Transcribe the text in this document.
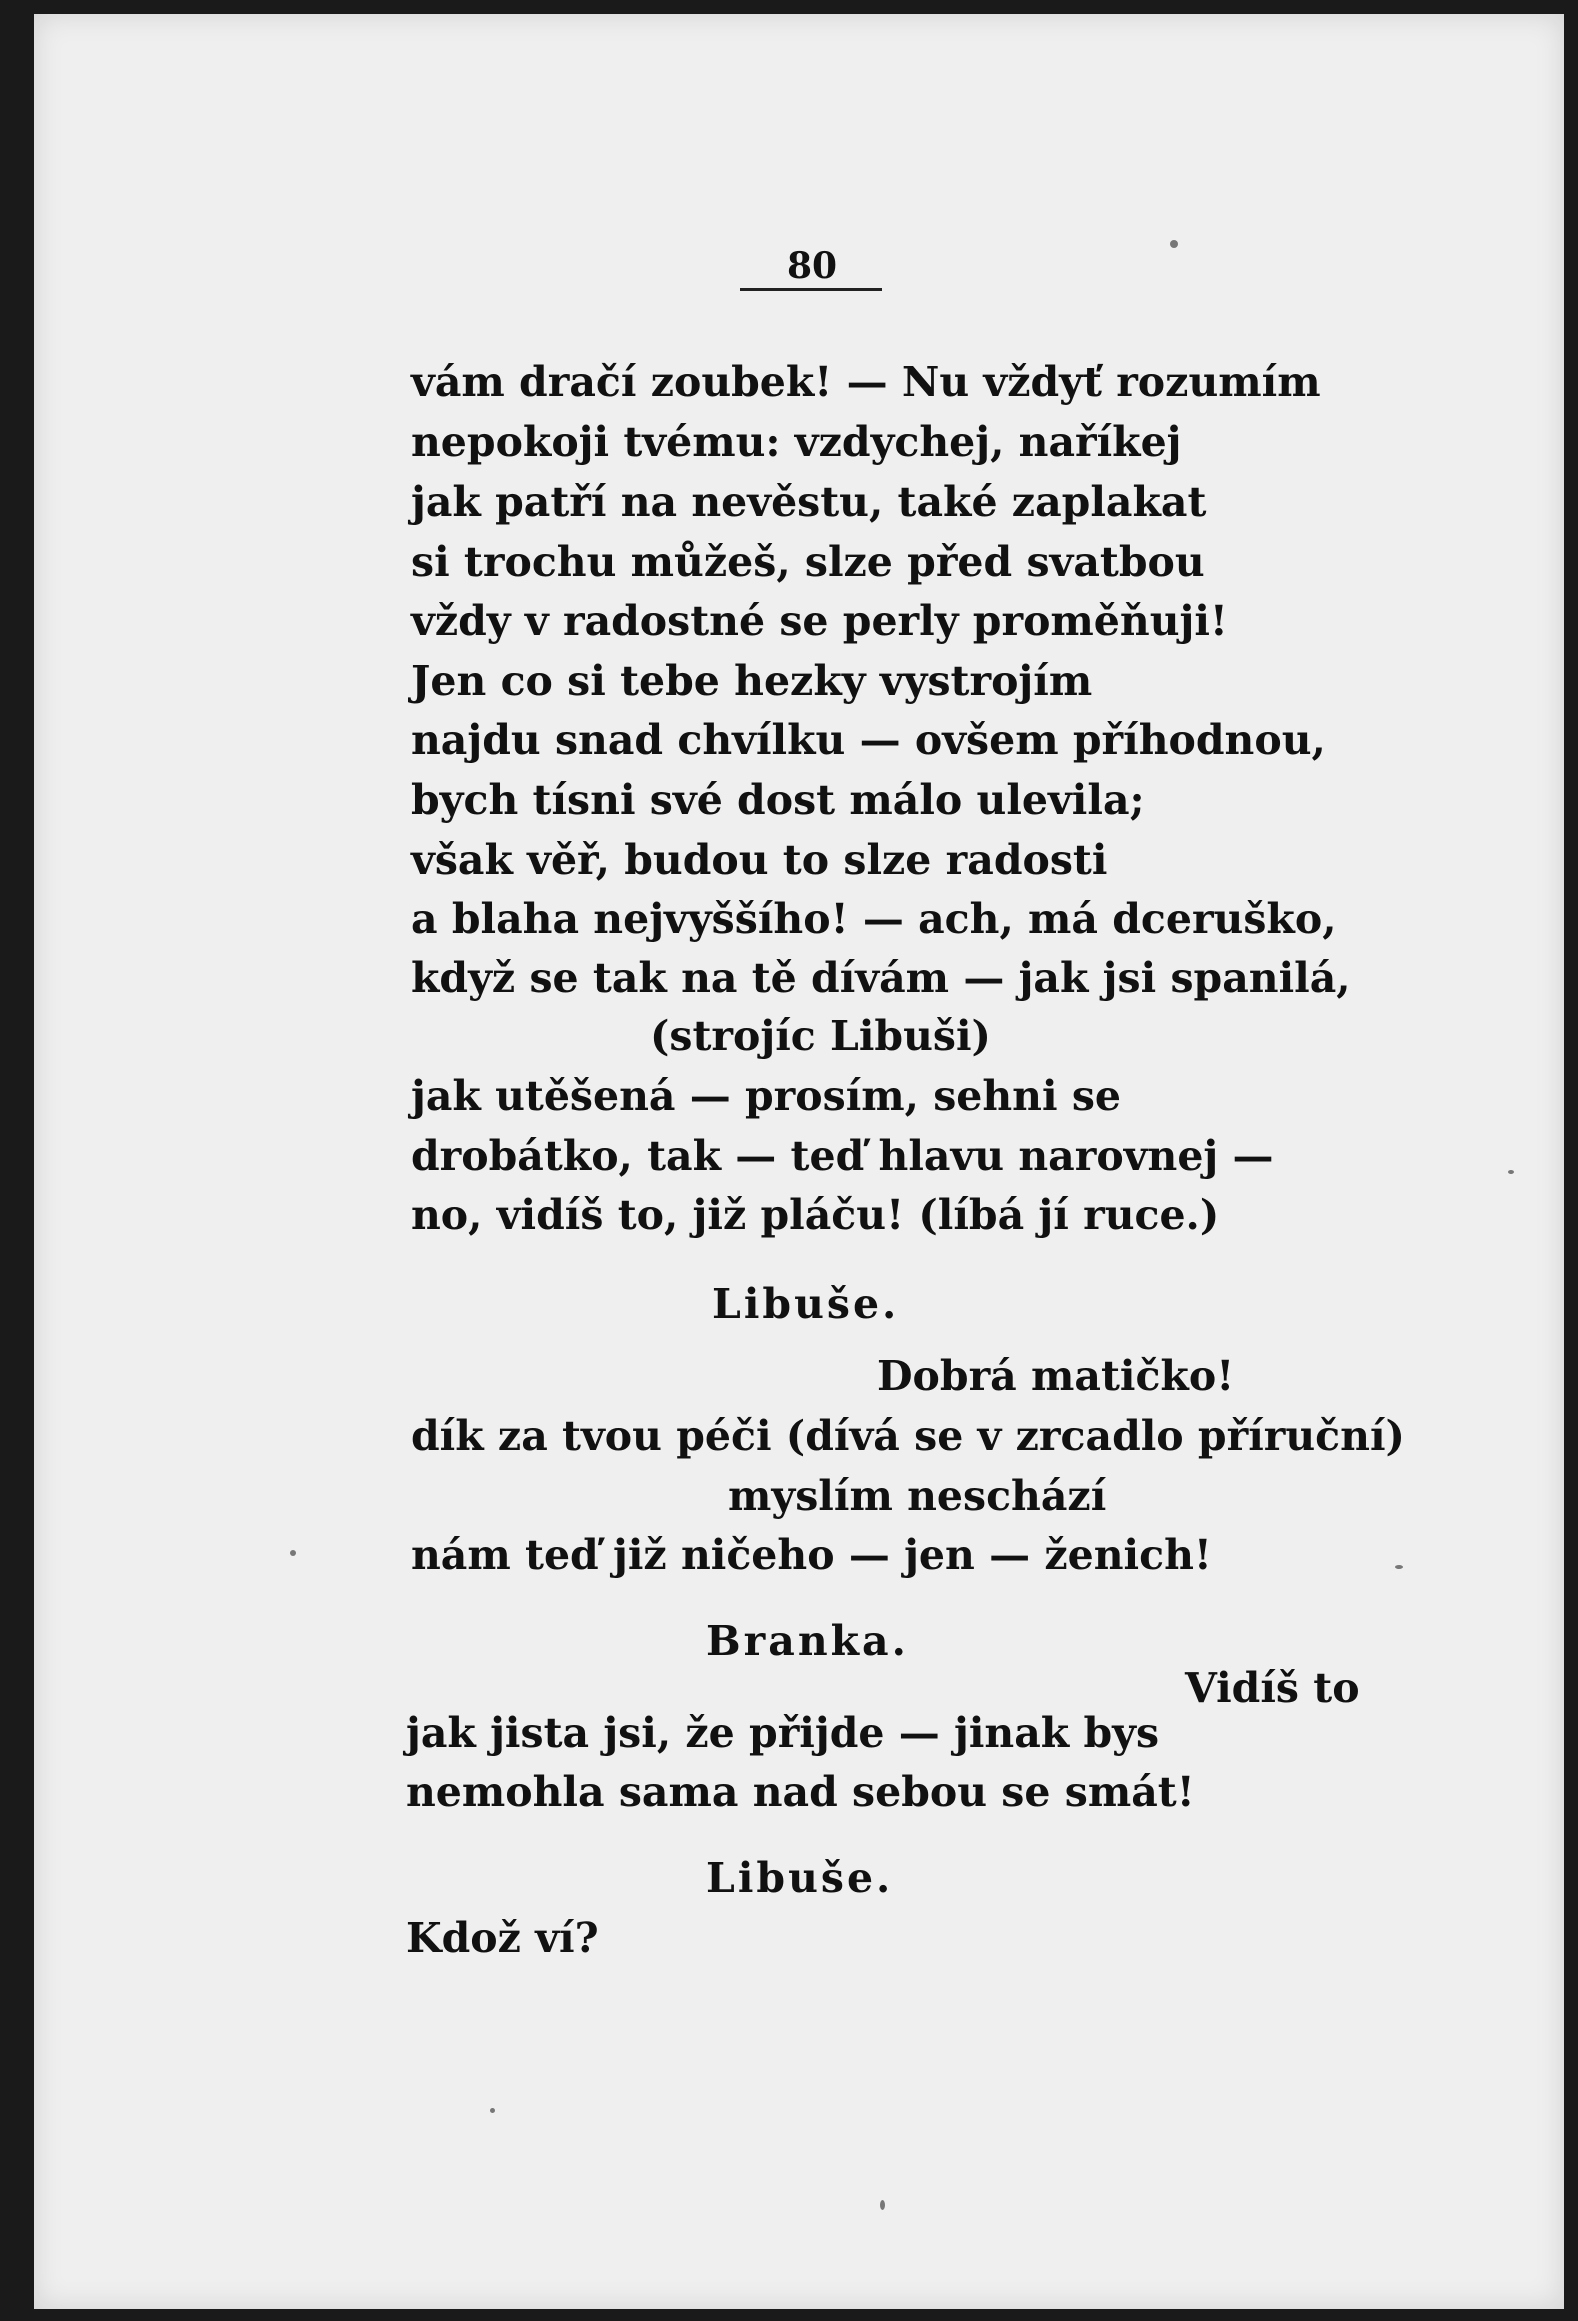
80
vám dračí zoubek! — Nu vždyť rozumím
nepokoji tvému: vzdychej, naříkej
jak patří na nevěstu, také zaplakat
si trochu můžeš, slze před svatbou
vždy v radostné se perly proměňuji!
Jen co si tebe hezky vystrojím
najdu snad chvílku — ovšem příhodnou,
bych tísni své dost málo ulevila;
však věř, budou to slze radosti
a blaha nejvyššího! — ach, má dceruško,
když se tak na tě dívám — jak jsi spanilá,
(strojíc Libuši)
jak utěšená — prosím, sehni se
drobátko, tak — teď hlavu narovnej —
no, vidíš to, již pláču! (líbá jí ruce.)
Libuše.
Dobrá matičko!
dík za tvou péči (dívá se v zrcadlo příruční)
myslím neschází
nám teď již ničeho — jen — ženich!
Branka.
Vidíš to
jak jista jsi, že přijde — jinak bys
nemohla sama nad sebou se smát!
Libuše.
Kdož ví?
